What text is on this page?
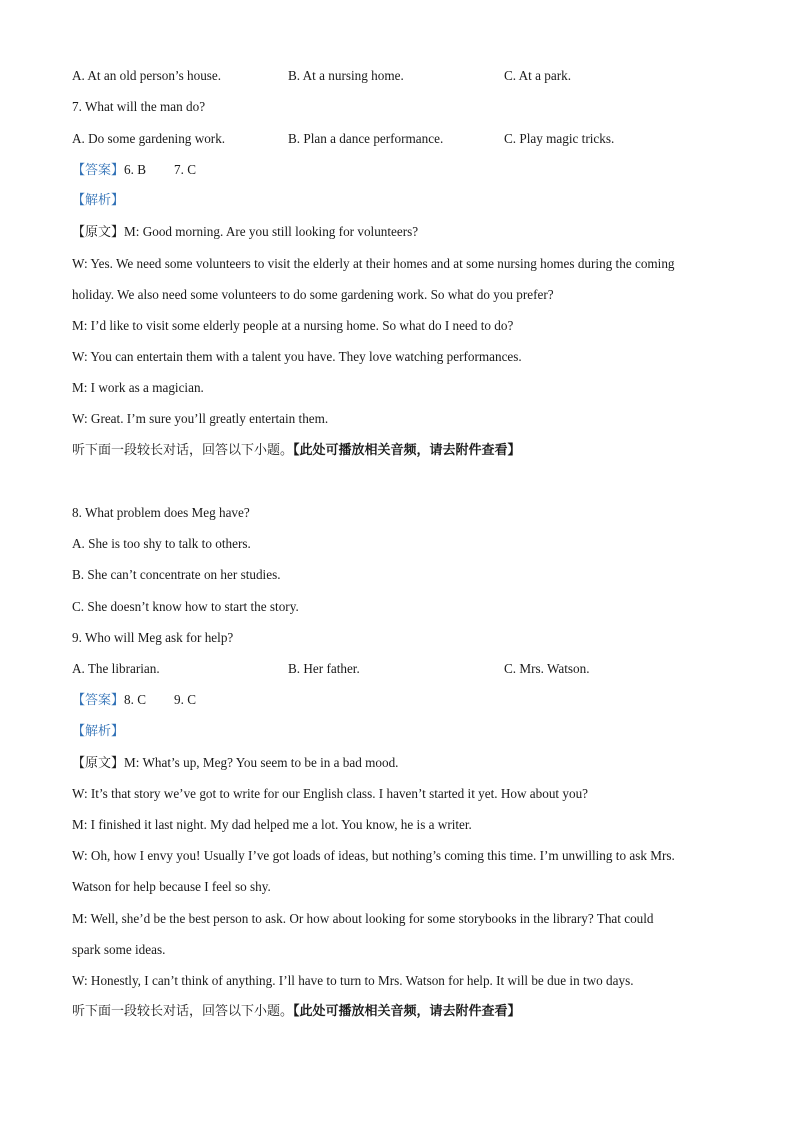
A. At an old person’s house.	B. At a nursing home.	C. At a park.
7. What will the man do?
A. Do some gardening work.	B. Plan a dance performance.	C. Play magic tricks.
【答案】6. B 7. C
【解析】
【原文】M: Good morning. Are you still looking for volunteers?
W: Yes. We need some volunteers to visit the elderly at their homes and at some nursing homes during the coming
holiday. We also need some volunteers to do some gardening work. So what do you prefer?
M: I’d like to visit some elderly people at a nursing home. So what do I need to do?
W: You can entertain them with a talent you have. They love watching performances.
M: I work as a magician.
W: Great. I’m sure you’ll greatly entertain them.
听下面一段较长对话，回答以下小题。【此处可播放相关音频，请去附件查看】
8. What problem does Meg have?
A. She is too shy to talk to others.
B. She can’t concentrate on her studies.
C. She doesn’t know how to start the story.
9. Who will Meg ask for help?
A. The librarian.	B. Her father.	C. Mrs. Watson.
【答案】8. C 9. C
【解析】
【原文】M: What’s up, Meg? You seem to be in a bad mood.
W: It’s that story we’ve got to write for our English class. I haven’t started it yet. How about you?
M: I finished it last night. My dad helped me a lot. You know, he is a writer.
W: Oh, how I envy you! Usually I’ve got loads of ideas, but nothing’s coming this time. I’m unwilling to ask Mrs.
Watson for help because I feel so shy.
M: Well, she’d be the best person to ask. Or how about looking for some storybooks in the library? That could
spark some ideas.
W: Honestly, I can’t think of anything. I’ll have to turn to Mrs. Watson for help. It will be due in two days.
听下面一段较长对话，回答以下小题。【此处可播放相关音频，请去附件查看】
